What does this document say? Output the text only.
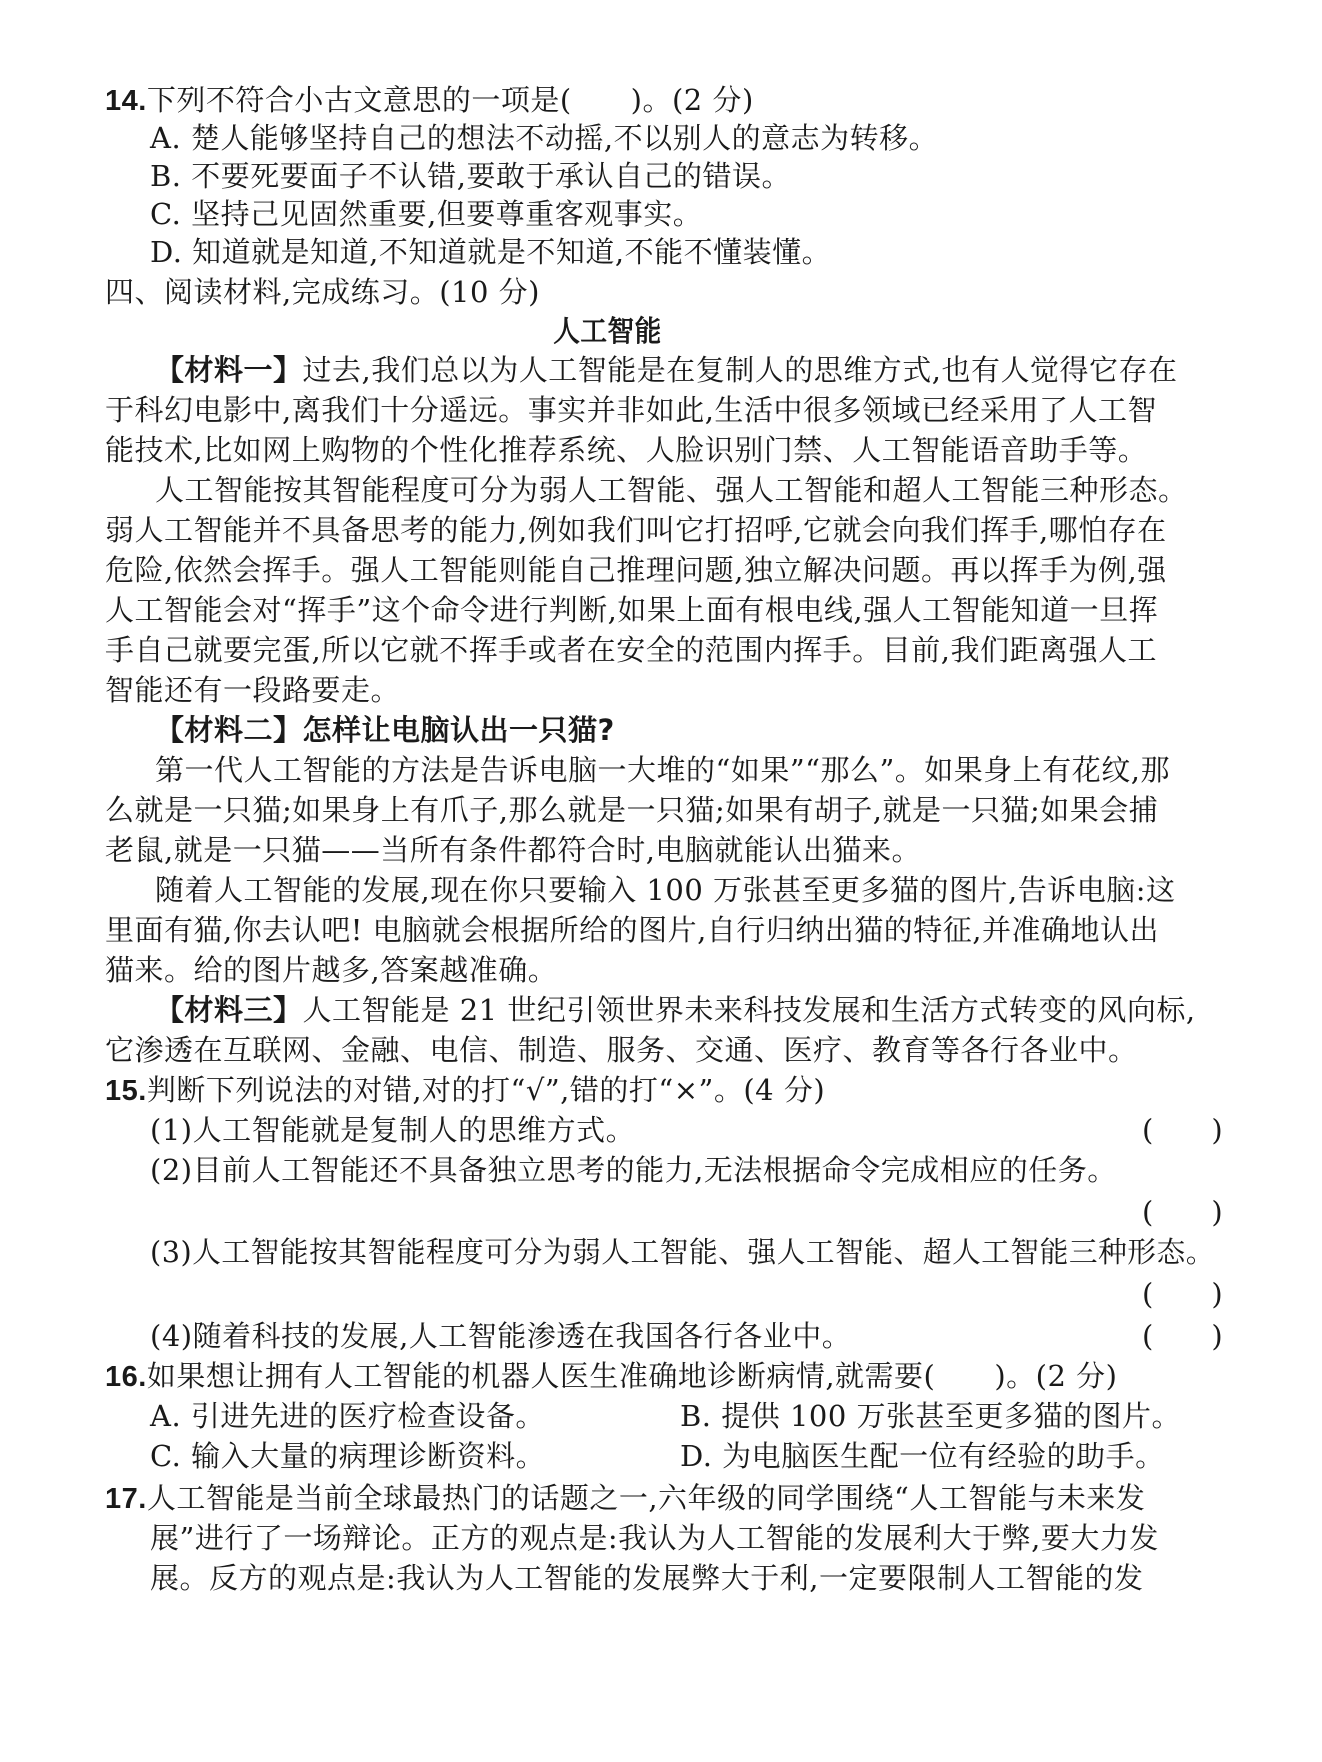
14.下列不符合小古文意思的一项是(　　)。(2 分)
A. 楚人能够坚持自己的想法不动摇,不以别人的意志为转移。
B. 不要死要面子不认错,要敢于承认自己的错误。
C. 坚持己见固然重要,但要尊重客观事实。
D. 知道就是知道,不知道就是不知道,不能不懂装懂。
四、阅读材料,完成练习。(10 分)
人工智能
【材料一】过去,我们总以为人工智能是在复制人的思维方式,也有人觉得它存在
于科幻电影中,离我们十分遥远。事实并非如此,生活中很多领域已经采用了人工智
能技术,比如网上购物的个性化推荐系统、人脸识别门禁、人工智能语音助手等。
人工智能按其智能程度可分为弱人工智能、强人工智能和超人工智能三种形态。
弱人工智能并不具备思考的能力,例如我们叫它打招呼,它就会向我们挥手,哪怕存在
危险,依然会挥手。强人工智能则能自己推理问题,独立解决问题。再以挥手为例,强
人工智能会对“挥手”这个命令进行判断,如果上面有根电线,强人工智能知道一旦挥
手自己就要完蛋,所以它就不挥手或者在安全的范围内挥手。目前,我们距离强人工
智能还有一段路要走。
【材料二】怎样让电脑认出一只猫?
第一代人工智能的方法是告诉电脑一大堆的“如果”“那么”。如果身上有花纹,那
么就是一只猫;如果身上有爪子,那么就是一只猫;如果有胡子,就是一只猫;如果会捕
老鼠,就是一只猫——当所有条件都符合时,电脑就能认出猫来。
随着人工智能的发展,现在你只要输入 100 万张甚至更多猫的图片,告诉电脑:这
里面有猫,你去认吧! 电脑就会根据所给的图片,自行归纳出猫的特征,并准确地认出
猫来。给的图片越多,答案越准确。
【材料三】人工智能是 21 世纪引领世界未来科技发展和生活方式转变的风向标,
它渗透在互联网、金融、电信、制造、服务、交通、医疗、教育等各行各业中。
15.判断下列说法的对错,对的打“√”,错的打“×”。(4 分)
(1)人工智能就是复制人的思维方式。	(　　)
(2)目前人工智能还不具备独立思考的能力,无法根据命令完成相应的任务。
(　　)
(3)人工智能按其智能程度可分为弱人工智能、强人工智能、超人工智能三种形态。
(　　)
(4)随着科技的发展,人工智能渗透在我国各行各业中。	(　　)
16.如果想让拥有人工智能的机器人医生准确地诊断病情,就需要(　　)。(2 分)
A. 引进先进的医疗检查设备。	B. 提供 100 万张甚至更多猫的图片。
C. 输入大量的病理诊断资料。	D. 为电脑医生配一位有经验的助手。
17.人工智能是当前全球最热门的话题之一,六年级的同学围绕“人工智能与未来发
展”进行了一场辩论。正方的观点是:我认为人工智能的发展利大于弊,要大力发
展。反方的观点是:我认为人工智能的发展弊大于利,一定要限制人工智能的发
